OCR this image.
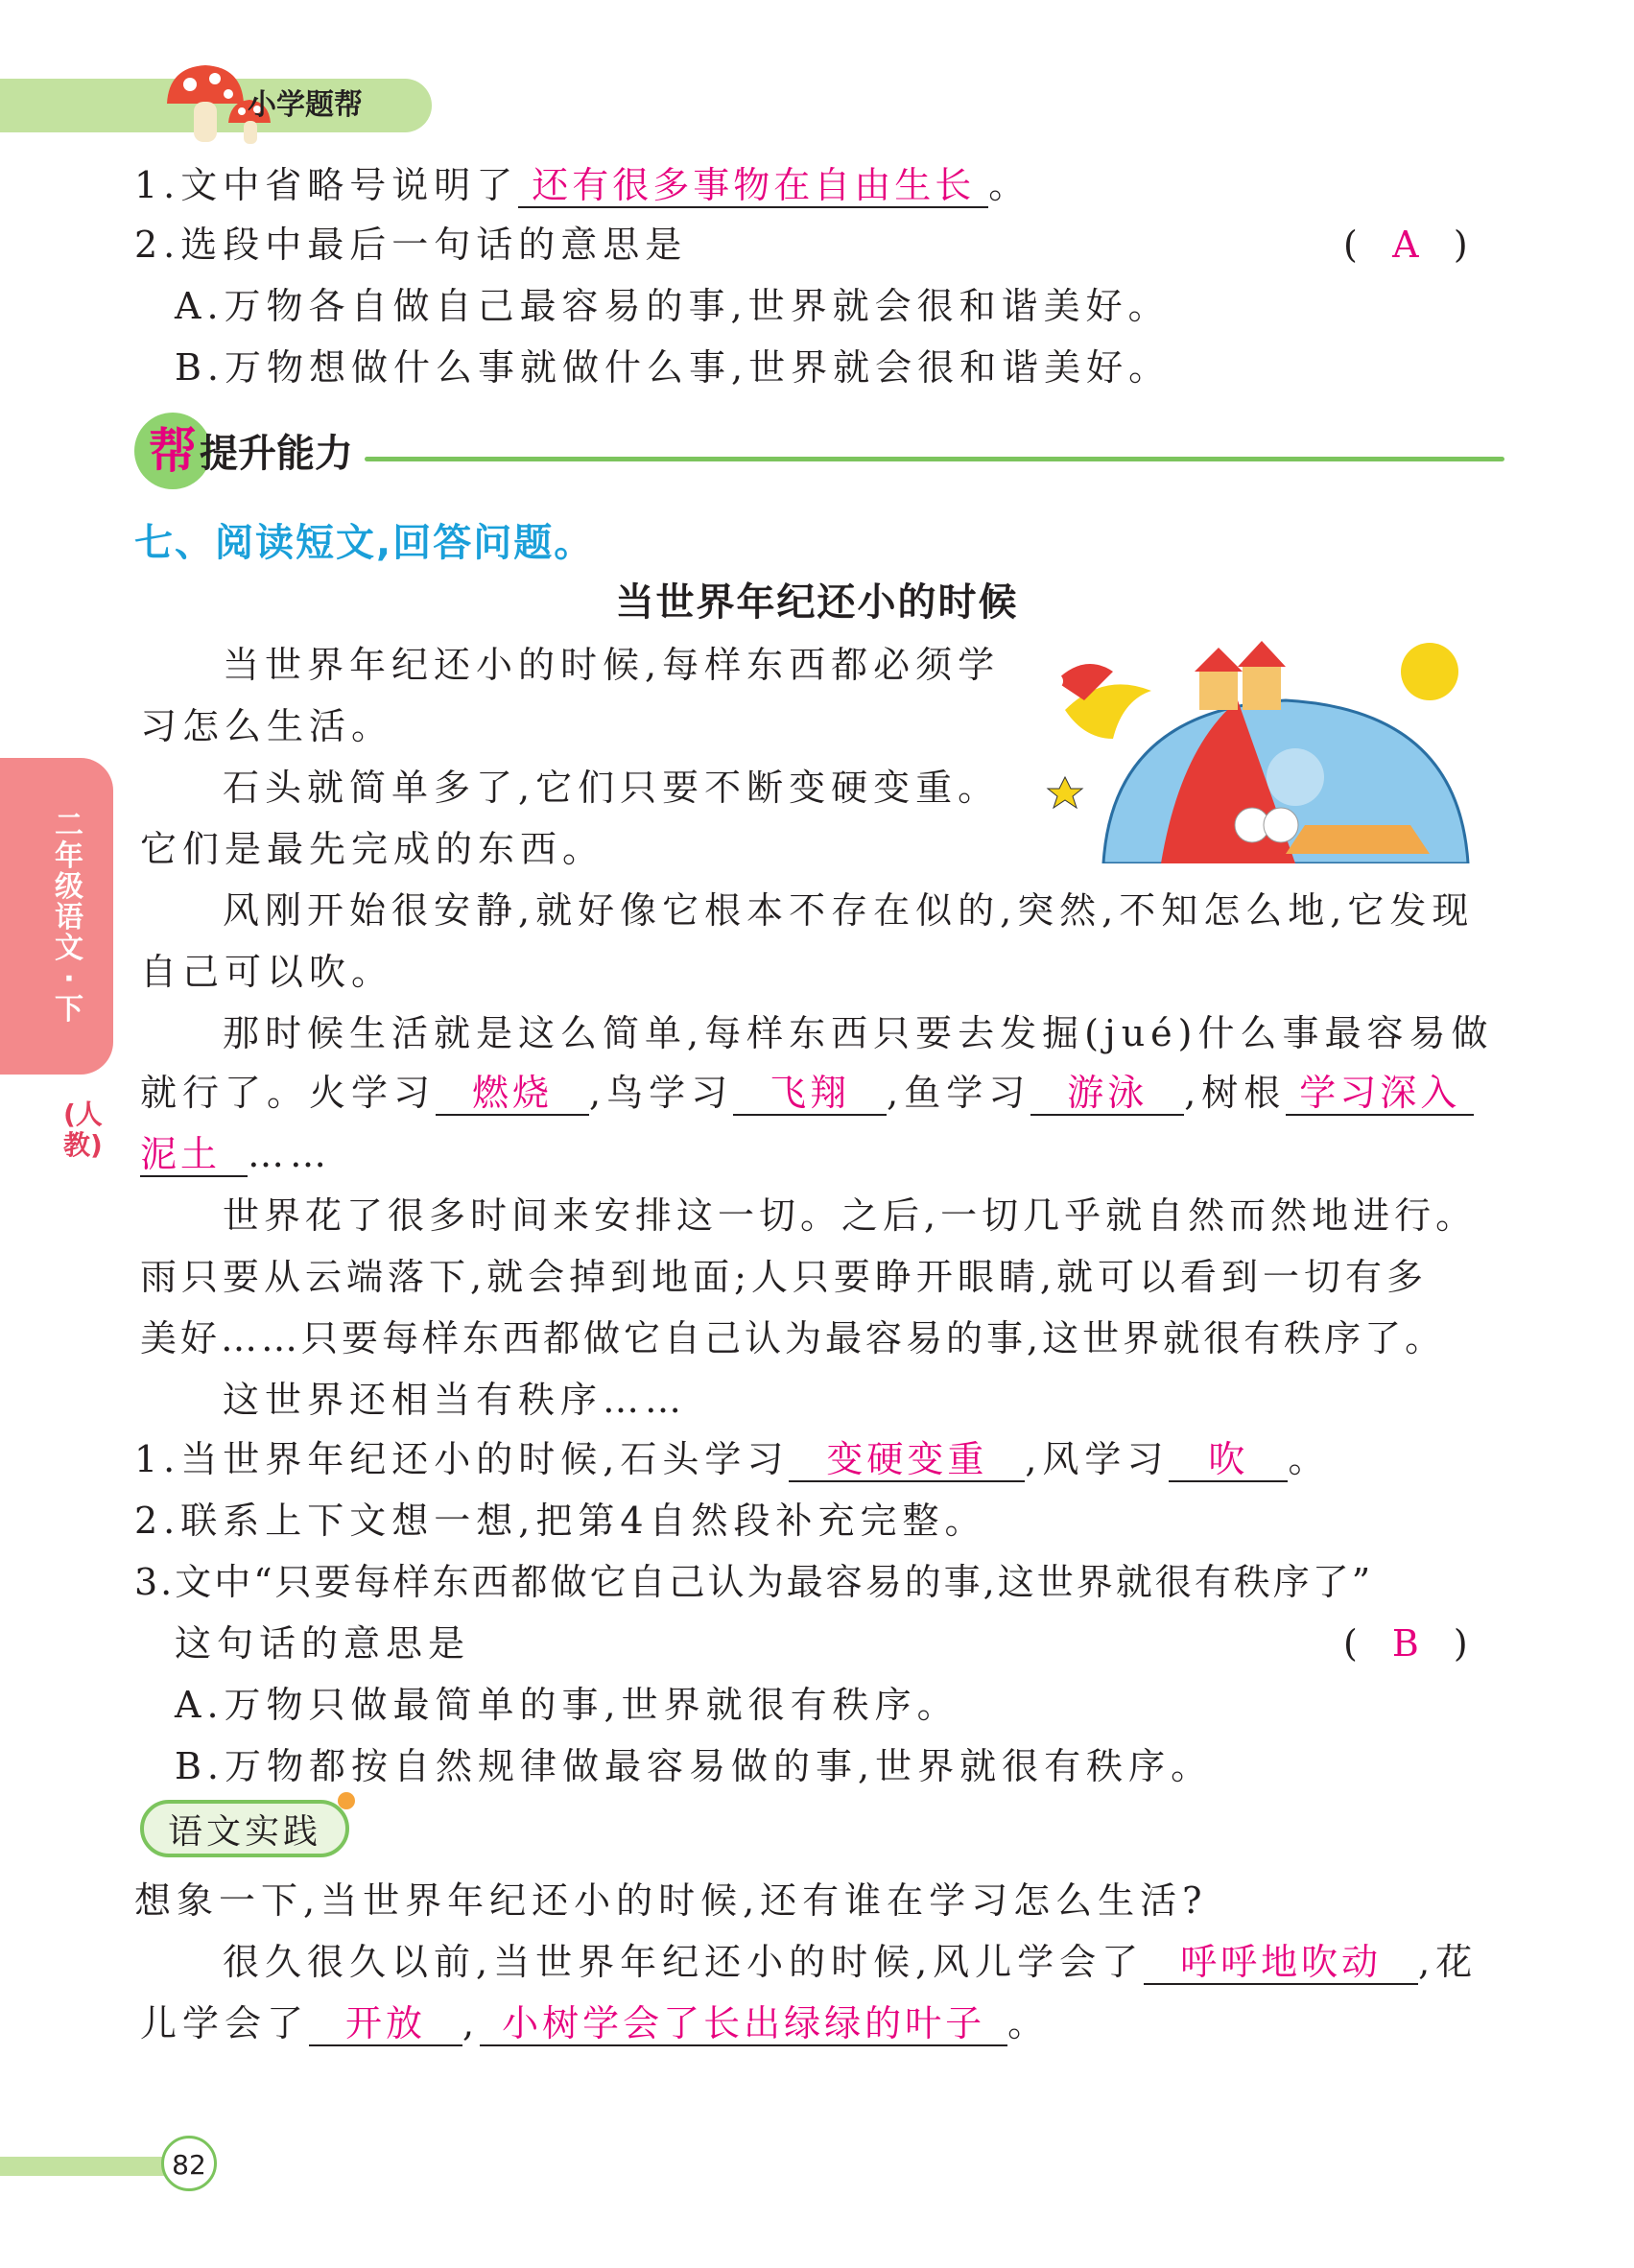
小学题帮
二年级语文·下
(人教)
1.文中省略号说明了 还有很多事物在自由生长 。
2.选段中最后一句话的意思是	( A )
A.万物各自做自己最容易的事,世界就会很和谐美好。
B.万物想做什么事就做什么事,世界就会很和谐美好。
帮 提升能力
七、阅读短文,回答问题。
当世界年纪还小的时候
当世界年纪还小的时候,每样东西都必须学
习怎么生活。
石头就简单多了,它们只要不断变硬变重。
它们是最先完成的东西。
风刚开始很安静,就好像它根本不存在似的,突然,不知怎么地,它发现
自己可以吹。
那时候生活就是这么简单,每样东西只要去发掘(jué)什么事最容易做
就行了。火学习 燃烧 ,鸟学习 飞翔 ,鱼学习 游泳 ,树根 学习深入
泥土 ……
世界花了很多时间来安排这一切。之后,一切几乎就自然而然地进行。
雨只要从云端落下,就会掉到地面;人只要睁开眼睛,就可以看到一切有多
美好……只要每样东西都做它自己认为最容易的事,这世界就很有秩序了。
这世界还相当有秩序……
1.当世界年纪还小的时候,石头学习 变硬变重 ,风学习 吹 。
2.联系上下文想一想,把第4自然段补充完整。
3.文中“只要每样东西都做它自己认为最容易的事,这世界就很有秩序了”
这句话的意思是	( B )
A.万物只做最简单的事,世界就很有秩序。
B.万物都按自然规律做最容易做的事,世界就很有秩序。
语文实践
想象一下,当世界年纪还小的时候,还有谁在学习怎么生活?
很久很久以前,当世界年纪还小的时候,风儿学会了 呼呼地吹动 ,花
儿学会了 开放 , 小树学会了长出绿绿的叶子 。
82
